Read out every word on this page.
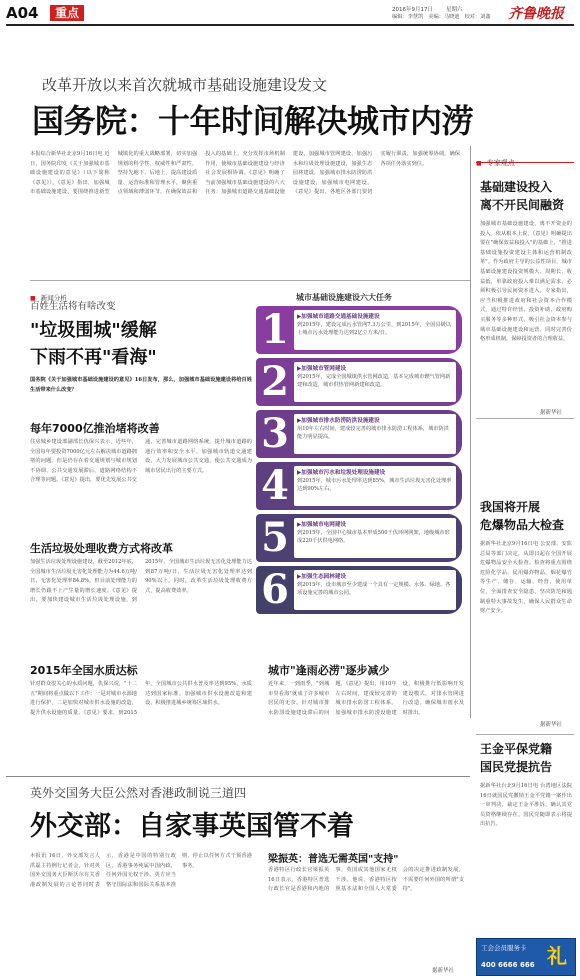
A04	重点	2016年9月17日 星期六
编辑：李慧凯　美编：马晓迪　校对：刘鑫 齐鲁晚报
改革开放以来首次就城市基础设施建设发文
国务院：十年时间解决城市内涝
本报综合新华社北京9月16日电 近日，国务院印发《关于加强城市基础设施建设的意见》（以下简称《意见》）。《意见》指出，加强城市基础设施建设，要围绕推进新型城镇化的重大战略部署，切实加强规划的科学性、权威性和严肃性，坚持先地下、后地上，提高建设质量、运营标准和管理水平，聚焦重点领域和薄弱环节，在确保效益和投入的基础上，充分发挥市场机制作用，使城市基础设施建设与经济社会发展相协调。《意见》明确了当前加强城市基础设施建设的六大任务：加强城市道路交通基础设施建设，加强城市管网建设，加强污水和垃圾处理设施建设，加强生态园林建设，加强城市排水防涝防洪设施建设，加强城市电网建设。《意见》提出，各地区各部门要切实履行职责，加强统筹协调，确保各项任务落实到位。	■ 专家观点
基础建设投入
离不开民间融资
加强城市基础设施建设，离不开资金的投入。依从根本上说，《意见》明确提出要在"确保效益和投入"的基础上，"推进基础设施投资建设主体和运营机制改革"。作为政府主导的公益性项目，城市基础设施建设投资规模大、周期长、收益低，单靠政府投入难以满足需求，必须积极引导民间资本进入。专家指出，应当积极推进政府和社会资本合作模式，通过特许经营、投资补助、政府购买服务等多种形式，吸引社会资本参与城市基础设施建设和运营，同时完善价格形成机制，保障投资者的合理收益。
据新华社
■ 新闻分析
百姓生活将有啥改变
"垃圾围城"缓解
下雨不再"看海"
国务院《关于加强城市基础设施建设的意见》16日发布，那么，加强城市基础设施建设将给百姓生活带来什么改变？
每年7000亿推治堵将改善
住房城乡建设部副部长仇保兴表示，近些年，全国每年要投资7000亿元左右解决城市道路拥堵的问题。但是仍存在着交通规划与城市规划不协调、公共交通发展滞后、道路网络结构不合理等问题。《意见》提出，要优先发展公共交通，完善城市道路网络系统，提升城市道路的通行效率和安全水平。加强城市轨道交通建设，大力发展城市公共交通，使公共交通成为城市居民出行的主要方式。
生活垃圾处理收费方式将改革
加强生活垃圾处理设施建设，截至2012年底，全国城市生活垃圾无害化处理能力为44.6万吨/日，无害化处理率84.8%。但目前处理能力的增长仍跟不上产生量的增长速度。《意见》提出，要加快建设城市生活垃圾处理设施，到2015年，全国城市生活垃圾无害化处理能力达到87万吨/日，生活垃圾无害化处理率达到90%以上。同时，改革生活垃圾处理收费方式，提高收费效率。
2015年全国水质达标
针对群众很关心的水质问题，仇保兴说，"十二五"期间将重点做以下工作：一是对城市水源地进行保护，二是加快对城市供水设施的改造，提升供水设施的质量。《意见》要求，到2015年，全国城市公共供水普及率达到95%，水质达到国家标准。加强城市供水设施改造和建设，积极推进城乡统筹区域供水。
城市基础设施建设六大任务
1	▶加强城市道路交通基础设施建设
到2015年，建设完成污水管网7.3万公里，到2015年，全国县级以上城市污水处理能力达到2亿立方米/日。
2	▶加强城市管网建设
到2015年，完成全国城镇供水管网改造，基本完成城市燃气管网新建和改造，城市供热管网新建和改造。
3	▶加强城市排水防涝防洪设施建设
用10年左右时间，建成较完善的城市排水防涝工程体系，城市防洪能力明显提高。
4	▶加强城市污水和垃圾处理设施建设
到2015年，城市污水处理率达到85%，城市生活垃圾无害化处理率达到90%左右。
5	▶加强城市电网建设
到2015年，全国中心城市基本形成500千伏环网网架，地级城市形成220千伏供电网络。
6	▶加强生态园林建设
到2015年，设市城市至少建成一个具有一定规模、水体、绿地、各项设施完善的城市公园。
城市"逢雨必涝"逐步减少
近年来，一到雨季，"到城市里看海"就成了许多城市居民的无奈。针对城市排水防涝设施建设滞后的问题，《意见》提出，用10年左右时间，建成较完善的城市排水防涝工程体系。加强城市排水防涝设施建设，积极推行低影响开发建设模式，对排水管网进行改造，确保城市雨水及时排出。
我国将开展
危爆物品大检查
据新华社北京9月16日电 公安部、安监总局等部门决定，从即日起在全国开展危爆物品安全大检查。检查将重点围绕危险化学品、民用爆炸物品、烟花爆竹等生产、储存、运输、经营、使用单位，全面排查安全隐患，坚决防范和遏制重特大事故发生，确保人民群众生命财产安全。
据新华社
王金平保党籍
国民党提抗告
据新华社台北9月16日电 台湾地区法院16日就国民党撤销王金平党籍一案作出一审判决，裁定王金平胜诉，确认其党员资格继续存在。国民党随即表示将提出抗告。
英外交国务大臣公然对香港政制说三道四
外交部：自家事英国管不着
本报讯 16日，外交部发言人洪磊主持例行记者会，针对英国外交国务大臣斯沃尔有关香港政制发展的言论答问时表示，香港是中国的特别行政区，香港事务纯属中国内政，任何外国无权干涉。英方应当恪守国际法和国际关系基本准则，停止以任何方式干预香港事务。
梁振英：普选无需英国"支持"
香港特区行政长官梁振英16日表示，香港特区普选行政长官是香港和内地的事，英国或其他国家无权干涉。他说，香港特区按照基本法和全国人大常委会的决定推进政制发展，不需要任何外国的所谓"支持"。
据新华社
工会会员服务卡 礼
400 6666 666
